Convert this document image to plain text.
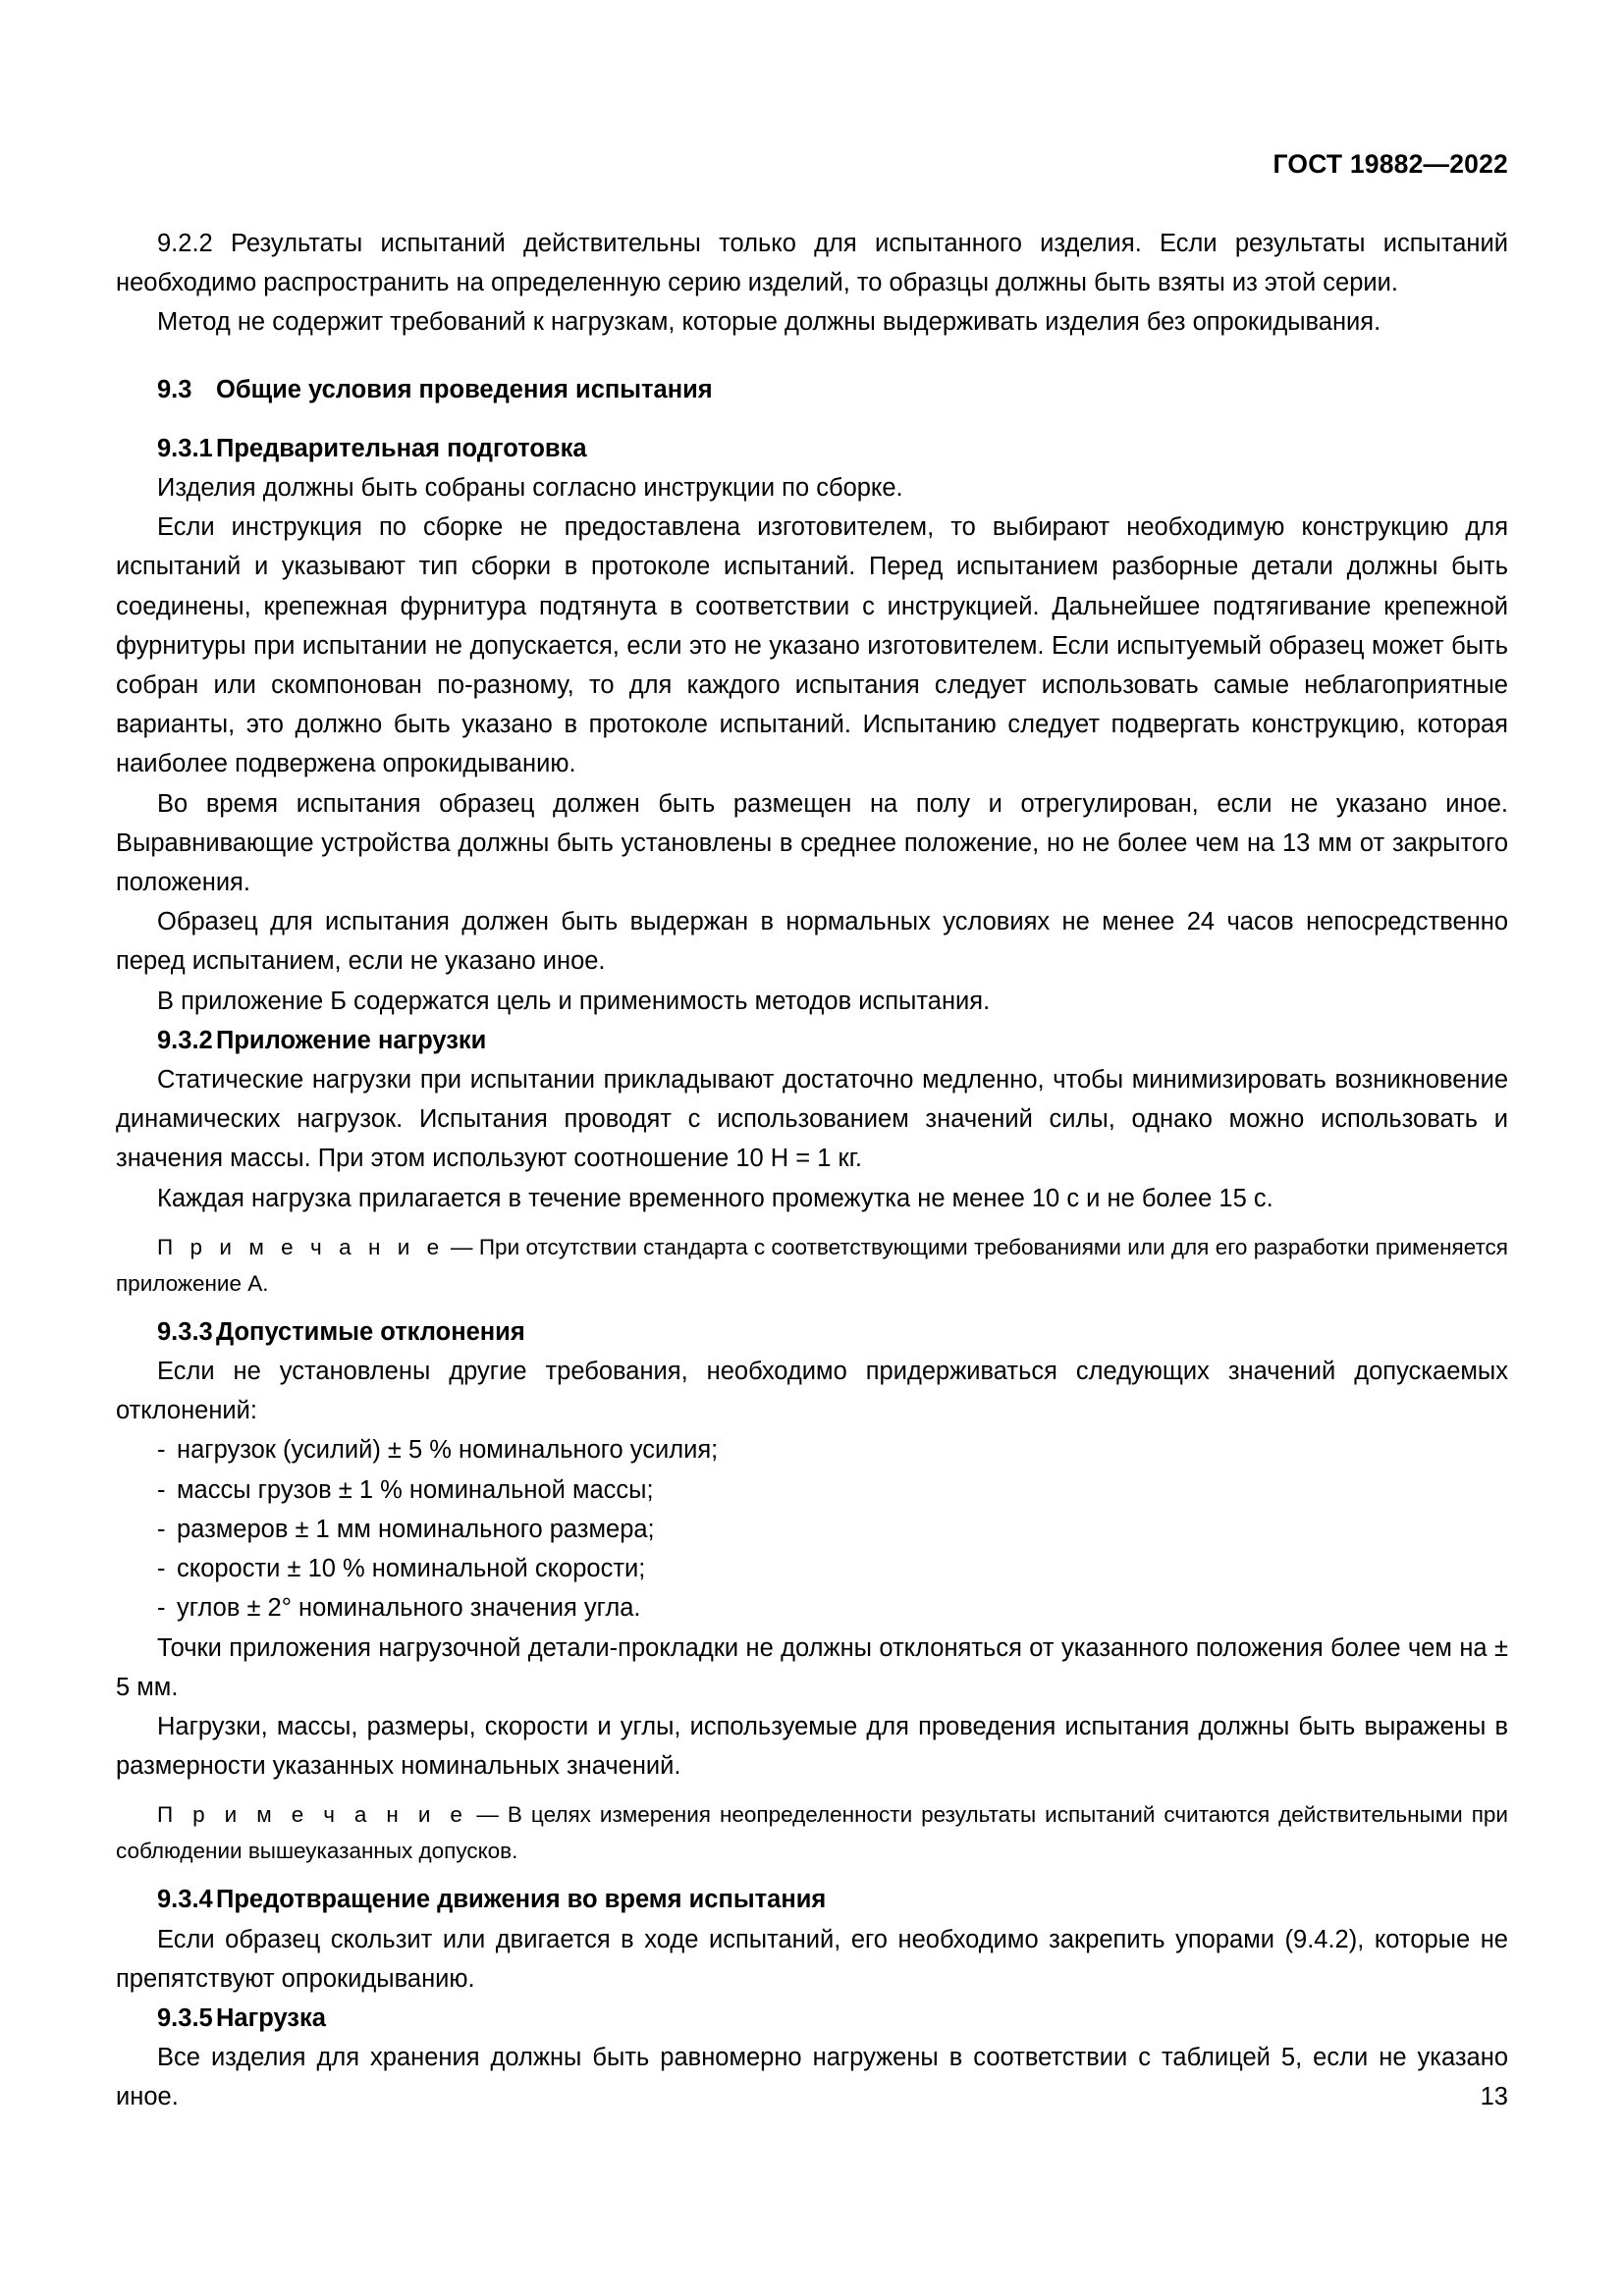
ГОСТ 19882—2022

9.2.2 Результаты испытаний действительны только для испытанного изделия. Если результаты испытаний необходимо распространить на определенную серию изделий, то образцы должны быть взяты из этой серии.

Метод не содержит требований к нагрузкам, которые должны выдерживать изделия без опрокидывания.

9.3 Общие условия проведения испытания

9.3.1 Предварительная подготовка

Изделия должны быть собраны согласно инструкции по сборке.

Если инструкция по сборке не предоставлена изготовителем, то выбирают необходимую конструкцию для испытаний и указывают тип сборки в протоколе испытаний. Перед испытанием разборные детали должны быть соединены, крепежная фурнитура подтянута в соответствии с инструкцией. Дальнейшее подтягивание крепежной фурнитуры при испытании не допускается, если это не указано изготовителем. Если испытуемый образец может быть собран или скомпонован по-разному, то для каждого испытания следует использовать самые неблагоприятные варианты, это должно быть указано в протоколе испытаний. Испытанию следует подвергать конструкцию, которая наиболее подвержена опрокидыванию.

Во время испытания образец должен быть размещен на полу и отрегулирован, если не указано иное. Выравнивающие устройства должны быть установлены в среднее положение, но не более чем на 13 мм от закрытого положения.

Образец для испытания должен быть выдержан в нормальных условиях не менее 24 часов непосредственно перед испытанием, если не указано иное.

В приложение Б содержатся цель и применимость методов испытания.

9.3.2 Приложение нагрузки

Статические нагрузки при испытании прикладывают достаточно медленно, чтобы минимизировать возникновение динамических нагрузок. Испытания проводят с использованием значений силы, однако можно использовать и значения массы. При этом используют соотношение 10 Н = 1 кг.

Каждая нагрузка прилагается в течение временного промежутка не менее 10 с и не более 15 с.

П р и м е ч а н и е — При отсутствии стандарта с соответствующими требованиями или для его разработки применяется приложение А.

9.3.3 Допустимые отклонения

Если не установлены другие требования, необходимо придерживаться следующих значений допускаемых отклонений:

- нагрузок (усилий) ± 5 % номинального усилия;
- массы грузов ± 1 % номинальной массы;
- размеров ± 1 мм номинального размера;
- скорости ± 10 % номинальной скорости;
- углов ± 2° номинального значения угла.

Точки приложения нагрузочной детали-прокладки не должны отклоняться от указанного положения более чем на ± 5 мм.

Нагрузки, массы, размеры, скорости и углы, используемые для проведения испытания должны быть выражены в размерности указанных номинальных значений.

П р и м е ч а н и е — В целях измерения неопределенности результаты испытаний считаются действительными при соблюдении вышеуказанных допусков.

9.3.4 Предотвращение движения во время испытания

Если образец скользит или двигается в ходе испытаний, его необходимо закрепить упорами (9.4.2), которые не препятствуют опрокидыванию.

9.3.5 Нагрузка

Все изделия для хранения должны быть равномерно нагружены в соответствии с таблицей 5, если не указано иное.	13
